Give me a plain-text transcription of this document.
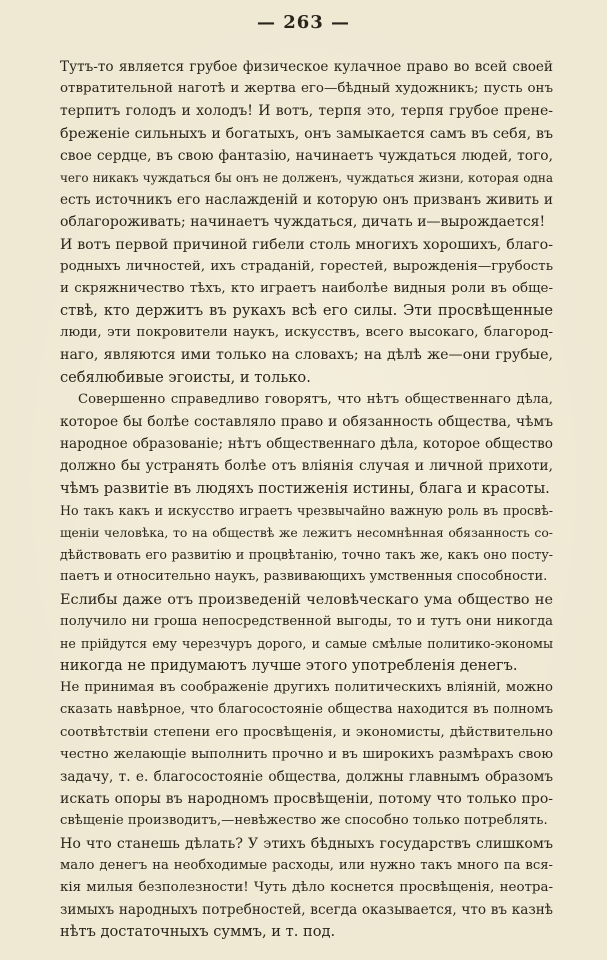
— 263 —
Тутъ-то является грубое физическое кулачное право во всей своей
отвратительной наготѣ и жертва его—бѣдный художникъ; пусть онъ
терпитъ голодъ и холодъ! И вотъ, терпя это, терпя грубое прене-
бреженіе сильныхъ и богатыхъ, онъ замыкается самъ въ себя, въ
свое сердце, въ свою фантазію, начинаетъ чуждаться людей, того,
чего никакъ чуждаться бы онъ не долженъ, чуждаться жизни, которая одна
есть источникъ его наслажденій и которую онъ призванъ живить и
облагороживать; начинаетъ чуждаться, дичать и—вырождается!
И вотъ первой причиной гибели столь многихъ хорошихъ, благо-
родныхъ личностей, ихъ страданій, горестей, вырожденія—грубость
и скряжничество тѣхъ, кто играетъ наиболѣе видныя роли въ обще-
ствѣ, кто держитъ въ рукахъ всѣ его силы. Эти просвѣщенные
люди, эти покровители наукъ, искусствъ, всего высокаго, благород-
наго, являются ими только на словахъ; на дѣлѣ же—они грубые,
себялюбивые эгоисты, и только.
Совершенно справедливо говорятъ, что нѣтъ общественнаго дѣла,
которое бы болѣе составляло право и обязанность общества, чѣмъ
народное образованіе; нѣтъ общественнаго дѣла, которое общество
должно бы устранять болѣе отъ вліянія случая и личной прихоти,
чѣмъ развитіе въ людяхъ постиженія истины, блага и красоты.
Но такъ какъ и искусство играетъ чрезвычайно важную роль въ просвѣ-
щеніи человѣка, то на обществѣ же лежитъ несомнѣнная обязанность со-
дѣйствовать его развитію и процвѣтанію, точно такъ же, какъ оно посту-
паетъ и относительно наукъ, развивающихъ умственныя способности.
Еслибы даже отъ произведеній человѣческаго ума общество не
получило ни гроша непосредственной выгоды, то и тутъ они никогда
не прійдутся ему черезчуръ дорого, и самые смѣлые политико-экономы
никогда не придумаютъ лучше этого употребленія денегъ.
Не принимая въ соображеніе другихъ политическихъ вліяній, можно
сказать навѣрное, что благосостояніе общества находится въ полномъ
соотвѣтствіи степени его просвѣщенія, и экономисты, дѣйствительно
честно желающіе выполнить прочно и въ широкихъ размѣрахъ свою
задачу, т. е. благосостояніе общества, должны главнымъ образомъ
искать опоры въ народномъ просвѣщеніи, потому что только про-
свѣщеніе производитъ,—невѣжество же способно только потреблять.
Но что станешь дѣлать? У этихъ бѣдныхъ государствъ слишкомъ
мало денегъ на необходимые расходы, или нужно такъ много па вся-
кія милыя безполезности! Чуть дѣло коснется просвѣщенія, неотра-
зимыхъ народныхъ потребностей, всегда оказывается, что въ казнѣ
нѣтъ достаточныхъ суммъ, и т. под.
